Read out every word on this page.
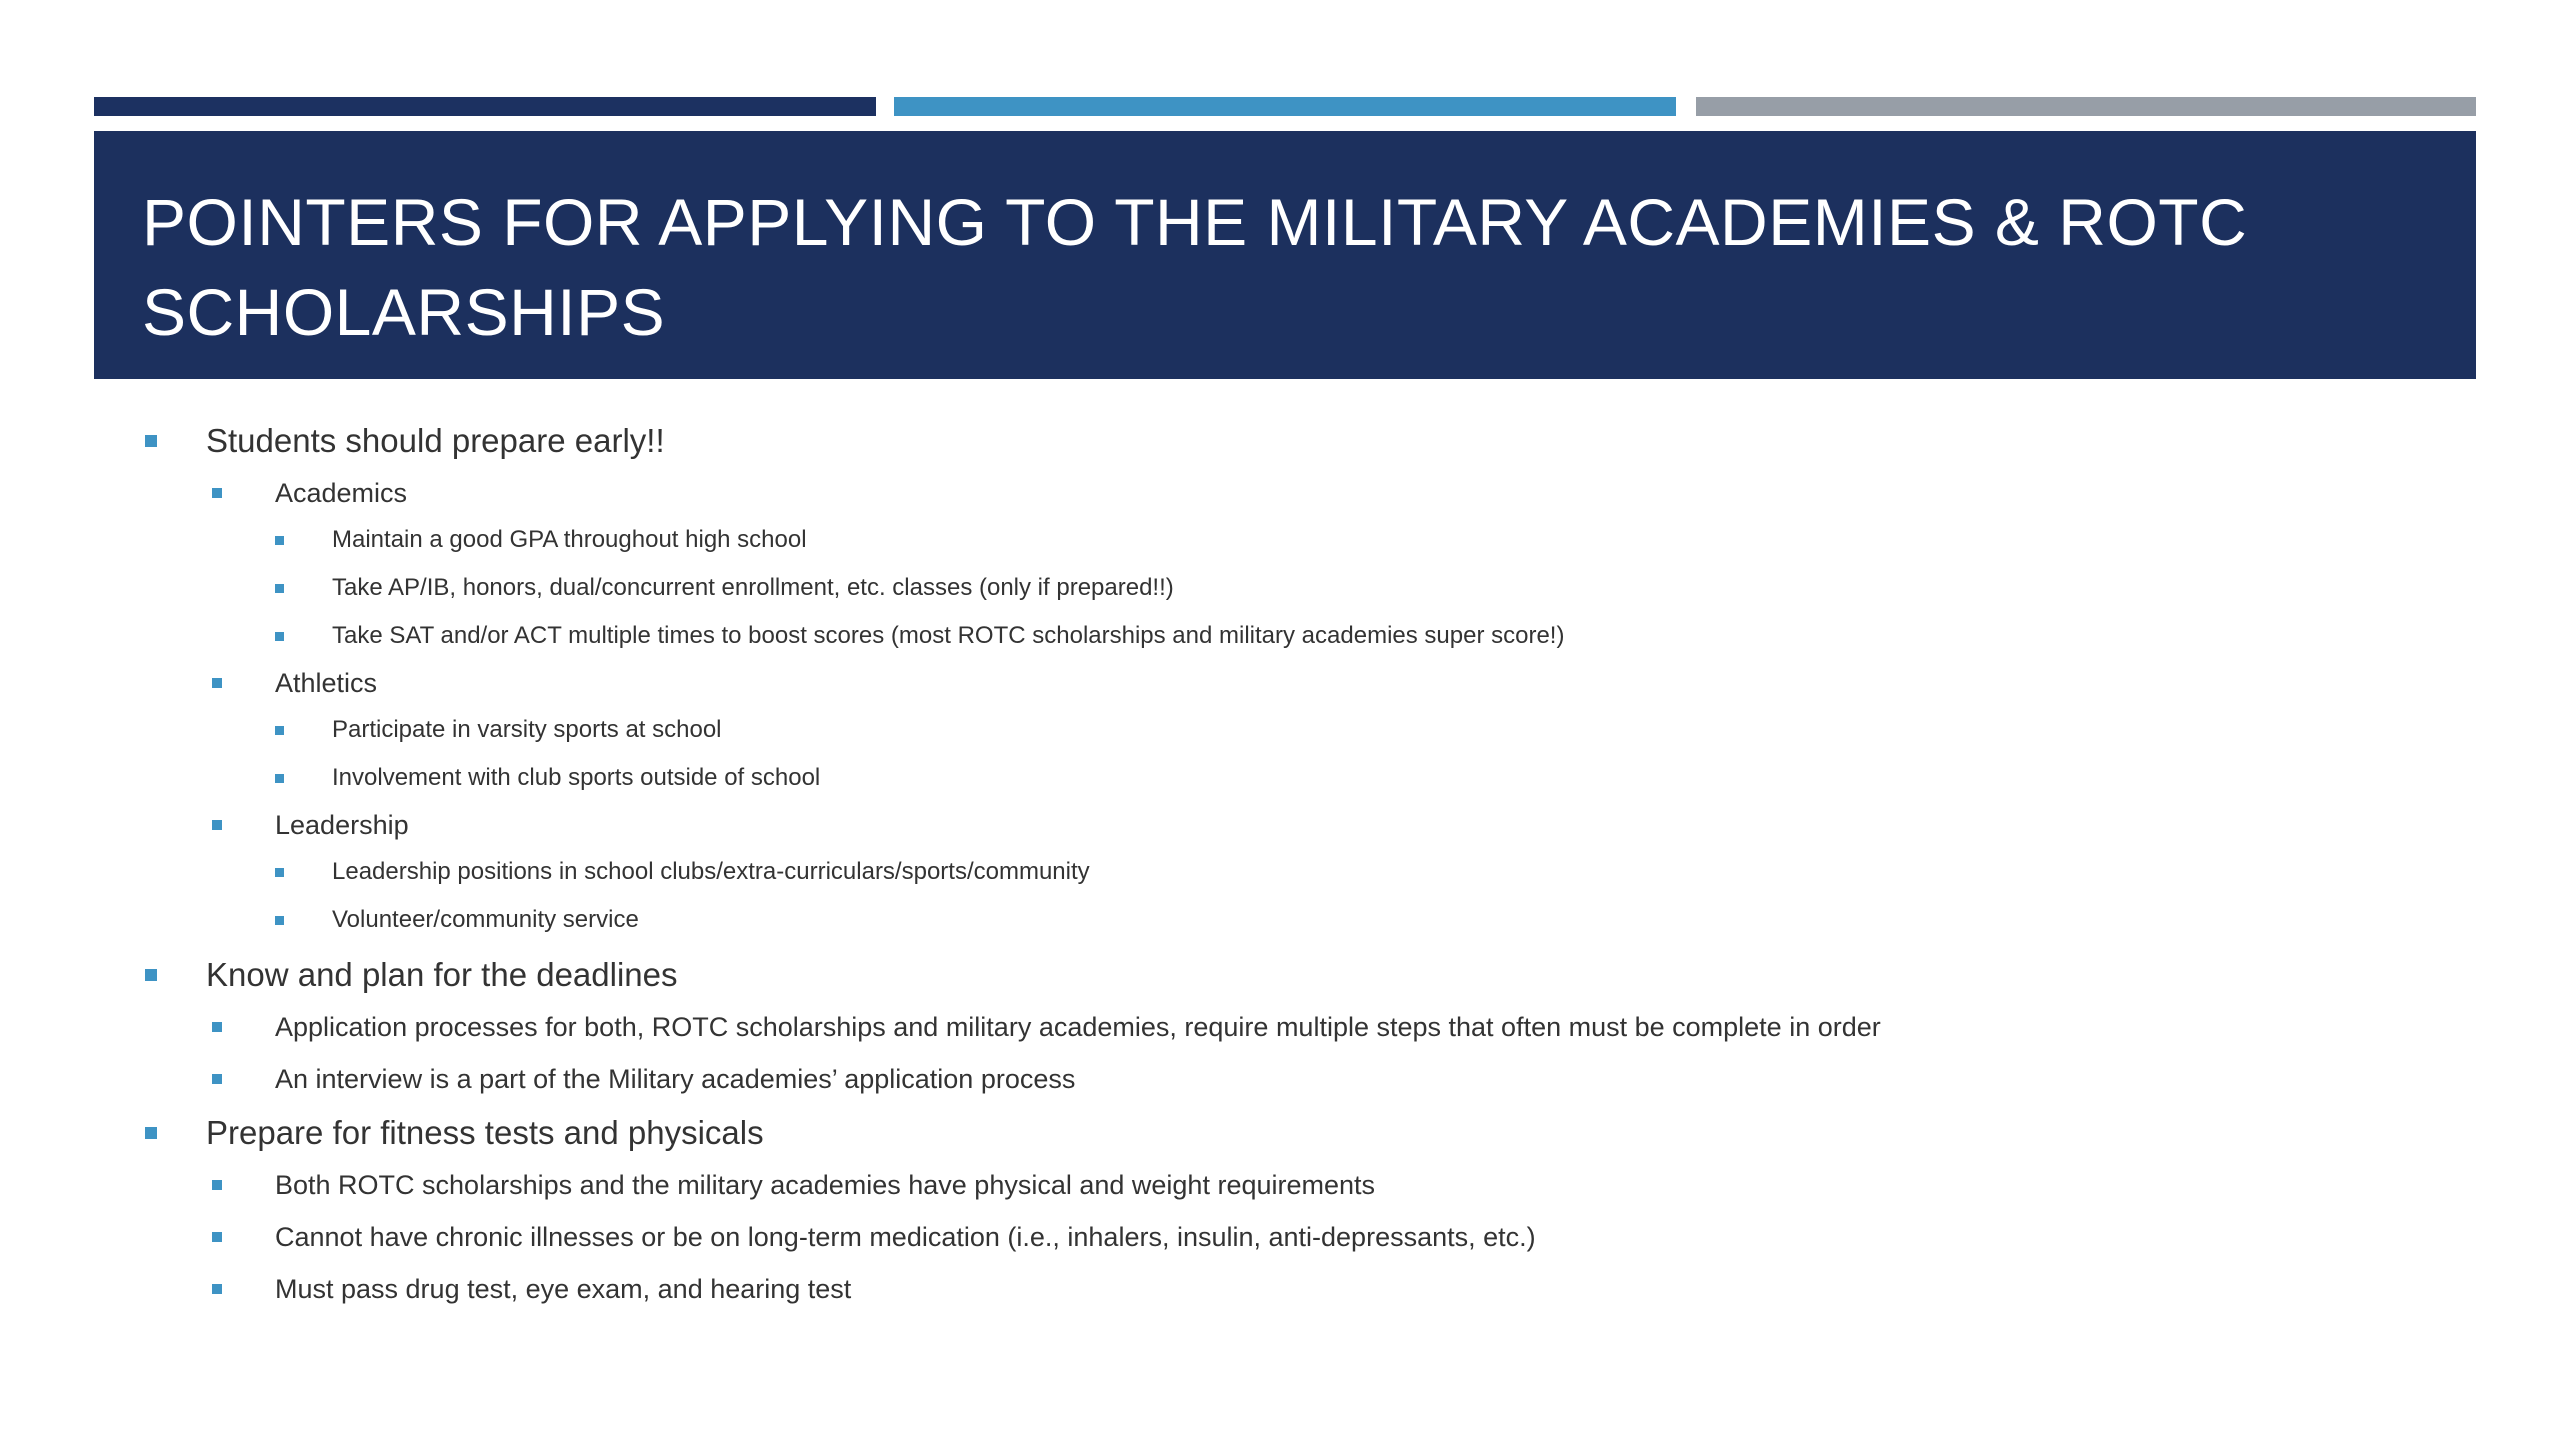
POINTERS FOR APPLYING TO THE MILITARY ACADEMIES & ROTC
SCHOLARSHIPS
Students should prepare early!!
Academics
Maintain a good GPA throughout high school
Take AP/IB, honors, dual/concurrent enrollment, etc. classes (only if prepared!!)
Take SAT and/or ACT multiple times to boost scores (most ROTC scholarships and military academies super score!)
Athletics
Participate in varsity sports at school
Involvement with club sports outside of school
Leadership
Leadership positions in school clubs/extra-curriculars/sports/community
Volunteer/community service
Know and plan for the deadlines
Application processes for both, ROTC scholarships and military academies, require multiple steps that often must be complete in order
An interview is a part of the Military academies’ application process
Prepare for fitness tests and physicals
Both ROTC scholarships and the military academies have physical and weight requirements
Cannot have chronic illnesses or be on long-term medication (i.e., inhalers, insulin, anti-depressants, etc.)
Must pass drug test, eye exam, and hearing test
